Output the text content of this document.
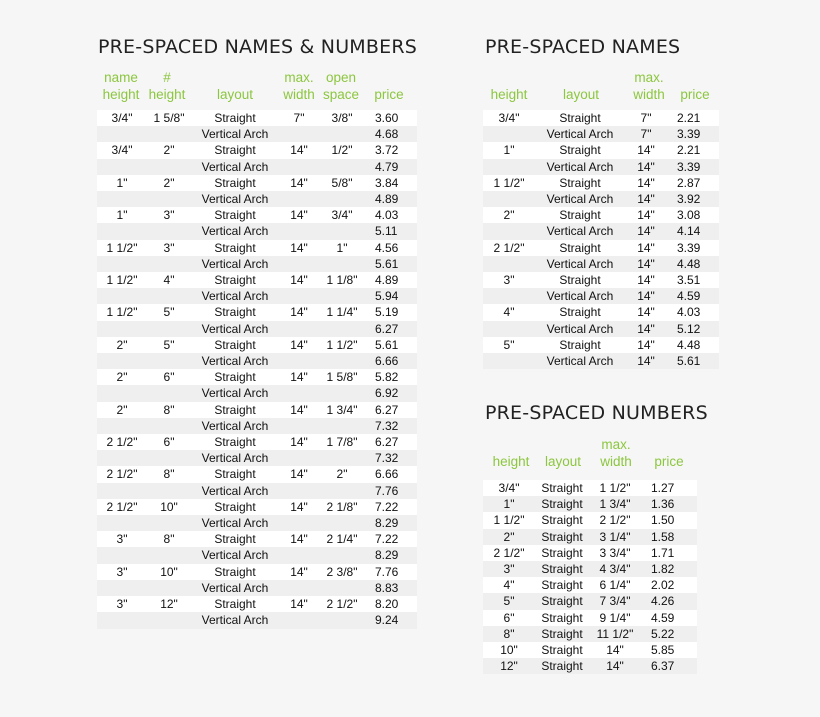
PRE-SPACED NAMES & NUMBERS
name
height
#
height	layout
max.
width
open
space	price
3/4"	1 5/8"	Straight	7"	3/8"	3.60
		Vertical Arch			4.68
3/4"	2"	Straight	14"	1/2"	3.72
		Vertical Arch			4.79
1"	2"	Straight	14"	5/8"	3.84
		Vertical Arch			4.89
1"	3"	Straight	14"	3/4"	4.03
		Vertical Arch			5.11
1 1/2"	3"	Straight	14"	1"	4.56
		Vertical Arch			5.61
1 1/2"	4"	Straight	14"	1 1/8"	4.89
		Vertical Arch			5.94
1 1/2"	5"	Straight	14"	1 1/4"	5.19
		Vertical Arch			6.27
2"	5"	Straight	14"	1 1/2"	5.61
		Vertical Arch			6.66
2"	6"	Straight	14"	1 5/8"	5.82
		Vertical Arch			6.92
2"	8"	Straight	14"	1 3/4"	6.27
		Vertical Arch			7.32
2 1/2"	6"	Straight	14"	1 7/8"	6.27
		Vertical Arch			7.32
2 1/2"	8"	Straight	14"	2"	6.66
		Vertical Arch			7.76
2 1/2"	10"	Straight	14"	2 1/8"	7.22
		Vertical Arch			8.29
3"	8"	Straight	14"	2 1/4"	7.22
		Vertical Arch			8.29
3"	10"	Straight	14"	2 3/8"	7.76
		Vertical Arch			8.83
3"	12"	Straight	14"	2 1/2"	8.20
		Vertical Arch			9.24
PRE-SPACED NAMES
height	layout
max.
width	price
3/4"	Straight	7"	2.21
	Vertical Arch	7"	3.39
1"	Straight	14"	2.21
	Vertical Arch	14"	3.39
1 1/2"	Straight	14"	2.87
	Vertical Arch	14"	3.92
2"	Straight	14"	3.08
	Vertical Arch	14"	4.14
2 1/2"	Straight	14"	3.39
	Vertical Arch	14"	4.48
3"	Straight	14"	3.51
	Vertical Arch	14"	4.59
4"	Straight	14"	4.03
	Vertical Arch	14"	5.12
5"	Straight	14"	4.48
	Vertical Arch	14"	5.61
PRE-SPACED NUMBERS
height	layout
max.
width	price
3/4"	Straight	1 1/2"	1.27
1"	Straight	1 3/4"	1.36
1 1/2"	Straight	2 1/2"	1.50
2"	Straight	3 1/4"	1.58
2 1/2"	Straight	3 3/4"	1.71
3"	Straight	4 3/4"	1.82
4"	Straight	6 1/4"	2.02
5"	Straight	7 3/4"	4.26
6"	Straight	9 1/4"	4.59
8"	Straight	11 1/2"	5.22
10"	Straight	14"	5.85
12"	Straight	14"	6.37
